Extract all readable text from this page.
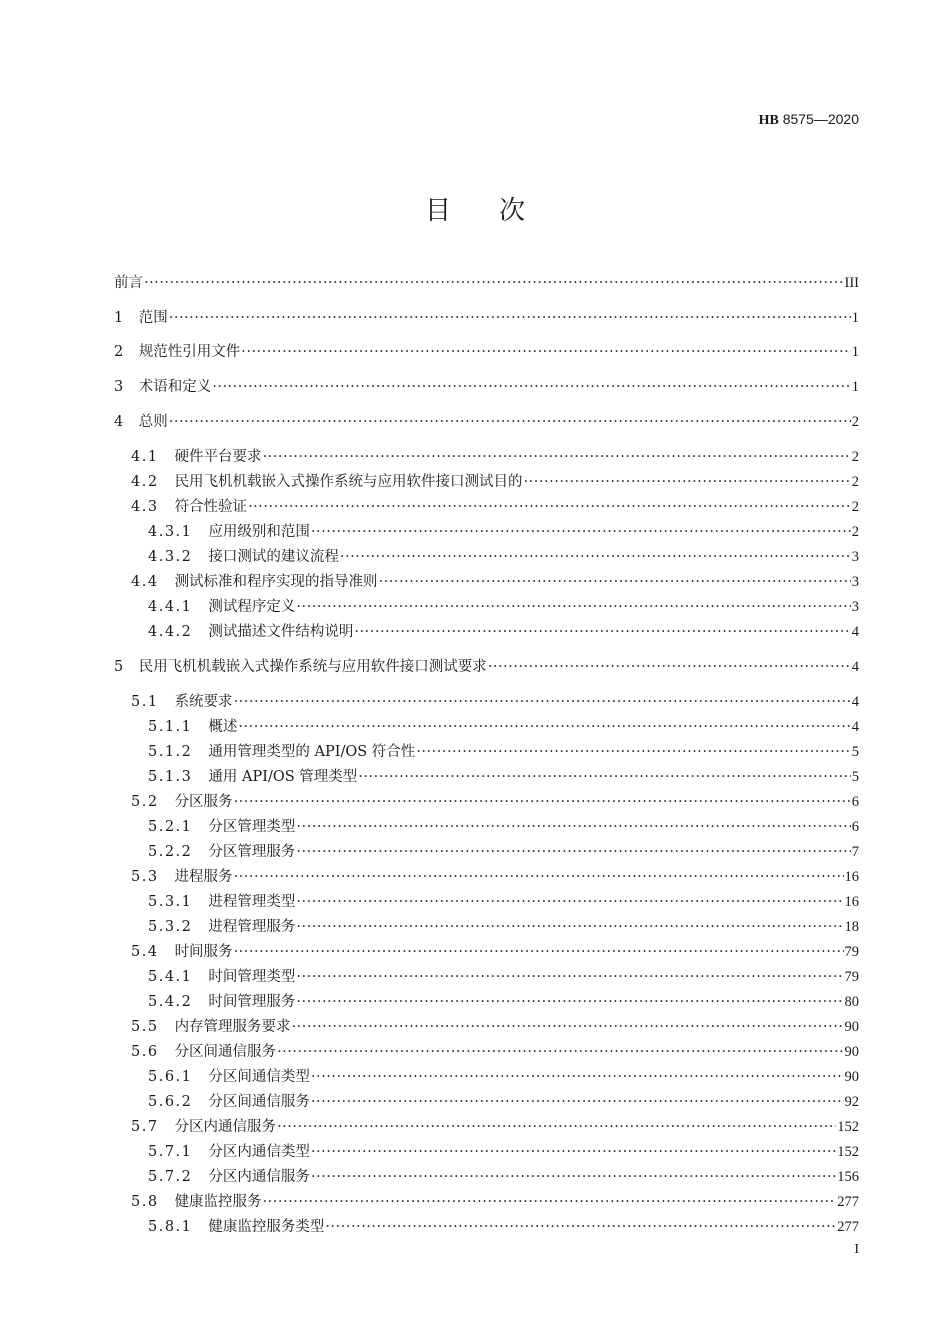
HB 8575—2020
目次
前言 ·····	III
1 范围 ·····	1
2 规范性引用文件 ·····	1
3 术语和定义 ·····	1
4 总则 ·····	2
4.1 硬件平台要求 ·····	2
4.2 民用飞机机载嵌入式操作系统与应用软件接口测试目的 ·····	2
4.3 符合性验证 ·····	2
4.3.1 应用级别和范围 ·····	2
4.3.2 接口测试的建议流程 ·····	3
4.4 测试标准和程序实现的指导准则 ·····	3
4.4.1 测试程序定义 ·····	3
4.4.2 测试描述文件结构说明 ·····	4
5 民用飞机机载嵌入式操作系统与应用软件接口测试要求 ·····	4
5.1 系统要求 ·····	4
5.1.1 概述 ·····	4
5.1.2 通用管理类型的 API/OS 符合性 ·····	5
5.1.3 通用 API/OS 管理类型 ·····	5
5.2 分区服务 ·····	6
5.2.1 分区管理类型 ·····	6
5.2.2 分区管理服务 ·····	7
5.3 进程服务 ·····	16
5.3.1 进程管理类型 ·····	16
5.3.2 进程管理服务 ·····	18
5.4 时间服务 ·····	79
5.4.1 时间管理类型 ·····	79
5.4.2 时间管理服务 ·····	80
5.5 内存管理服务要求 ·····	90
5.6 分区间通信服务 ·····	90
5.6.1 分区间通信类型 ·····	90
5.6.2 分区间通信服务 ·····	92
5.7 分区内通信服务 ·····	152
5.7.1 分区内通信类型 ·····	152
5.7.2 分区内通信服务 ·····	156
5.8 健康监控服务 ·····	277
5.8.1 健康监控服务类型 ·····	277
I
